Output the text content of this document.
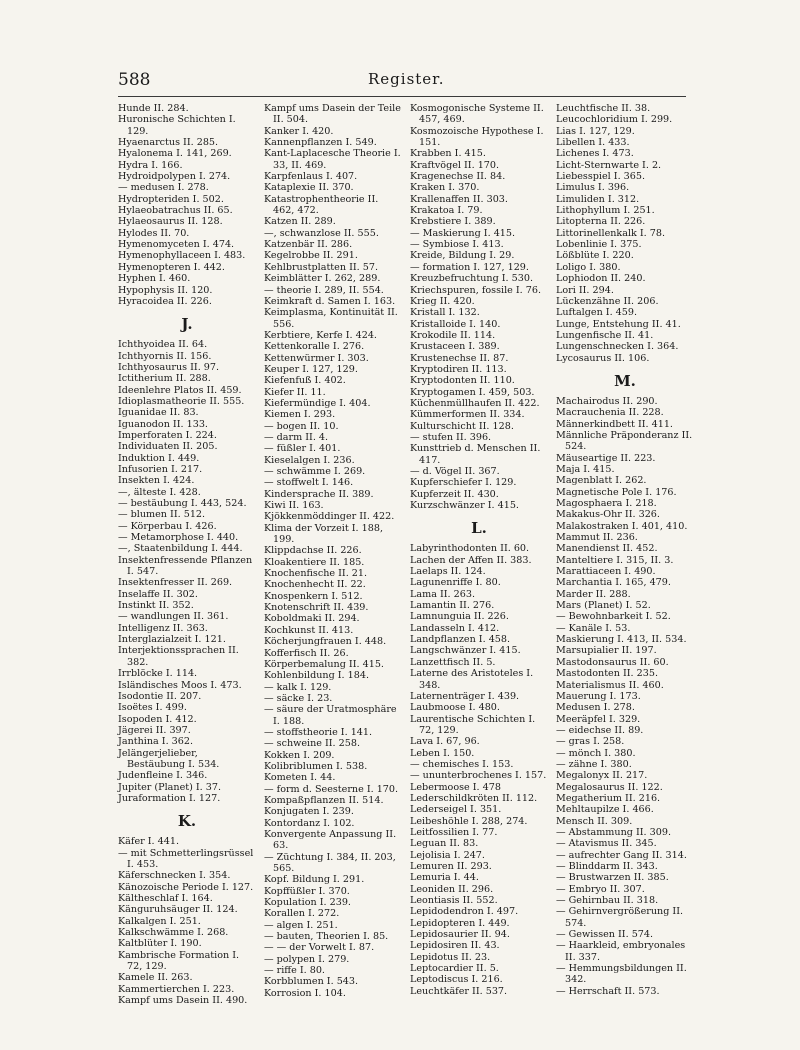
588	Register.
Hunde II. 284.
Huronische Schichten I. 129.
Hyaenarctus II. 285.
Hyalonema I. 141, 269.
Hydra I. 166.
Hydroidpolypen I. 274.
— medusen I. 278.
Hydropteriden I. 502.
Hylaeobatrachus II. 65.
Hylaeosaurus II. 128.
Hylodes II. 70.
Hymenomyceten I. 474.
Hymenophyllaceen I. 483.
Hymenopteren I. 442.
Hyphen I. 460.
Hypophysis II. 120.
Hyracoidea II. 226.
J.
Ichthyoidea II. 64.
Ichthyornis II. 156.
Ichthyosaurus II. 97.
Ictitherium II. 288.
Ideenlehre Platos II. 459.
Idioplasmatheorie II. 555.
Iguanidae II. 83.
Iguanodon II. 133.
Imperforaten I. 224.
Individuaten II. 205.
Induktion I. 449.
Infusorien I. 217.
Insekten I. 424.
—, älteste I. 428.
— bestäubung I. 443, 524.
— blumen II. 512.
— Körperbau I. 426.
— Metamorphose I. 440.
—, Staatenbildung I. 444.
Insektenfressende Pflanzen I. 547.
Insektenfresser II. 269.
Inselaffe II. 302.
Instinkt II. 352.
— wandlungen II. 361.
Intelligenz II. 363.
Interglazialzeit I. 121.
Interjektionssprachen II. 382.
Irrblöcke I. 114.
Isländisches Moos I. 473.
Isodontie II. 207.
Isoëtes I. 499.
Isopoden I. 412.
Jägerei II. 397.
Janthina I. 362.
Jelängerjelieber, Bestäubung I. 534.
Judenfleine I. 346.
Jupiter (Planet) I. 37.
Juraformation I. 127.
K.
Käfer I. 441.
— mit Schmetterlingsrüssel I. 453.
Käferschnecken I. 354.
Känozoische Periode I. 127.
Kältheschlaf I. 164.
Känguruhsäuger II. 124.
Kalkalgen I. 251.
Kalkschwämme I. 268.
Kaltblüter I. 190.
Kambrische Formation I. 72, 129.
Kamele II. 263.
Kammertierchen I. 223.
Kampf ums Dasein II. 490.
Kampf ums Dasein der Teile II. 504.
Kanker I. 420.
Kannenpflanzen I. 549.
Kant-Laplacesche Theorie I. 33, II. 469.
Karpfenlaus I. 407.
Kataplexie II. 370.
Katastrophentheorie II. 462, 472.
Katzen II. 289.
—, schwanzlose II. 555.
Katzenbär II. 286.
Kegelrobbe II. 291.
Kehlbrustplatten II. 57.
Keimblätter I. 262, 289.
— theorie I. 289, II. 554.
Keimkraft d. Samen I. 163.
Keimplasma, Kontinuität II. 556.
Kerbtiere, Kerfe I. 424.
Kettenkoralle I. 276.
Kettenwürmer I. 303.
Keuper I. 127, 129.
Kiefenfuß I. 402.
Kiefer II. 11.
Kiefermündige I. 404.
Kiemen I. 293.
— bogen II. 10.
— darm II. 4.
— füßler I. 401.
Kieselalgen I. 236.
— schwämme I. 269.
— stoffwelt I. 146.
Kindersprache II. 389.
Kiwi II. 163.
Kjökkenmöddinger II. 422.
Klima der Vorzeit I. 188, 199.
Klippdachse II. 226.
Kloakentiere II. 185.
Knochenfische II. 21.
Knochenhecht II. 22.
Knospenkern I. 512.
Knotenschrift II. 439.
Koboldmaki II. 294.
Kochkunst II. 413.
Köcherjungfrauen I. 448.
Kofferfisch II. 26.
Körperbemalung II. 415.
Kohlenbildung I. 184.
— kalk I. 129.
— säcke I. 23.
— säure der Uratmosphäre I. 188.
— stoffstheorie I. 141.
— schweine II. 258.
Kokken I. 209.
Kolibriblumen I. 538.
Kometen I. 44.
— form d. Seesterne I. 170.
Kompaßpflanzen II. 514.
Konjugaten I. 239.
Kontordanz I. 102.
Konvergente Anpassung II. 63.
— Züchtung I. 384, II. 203, 565.
Kopf. Bildung I. 291.
Kopffüßler I. 370.
Kopulation I. 239.
Korallen I. 272.
— algen I. 251.
— bauten, Theorien I. 85.
— — der Vorwelt I. 87.
— polypen I. 279.
— riffe I. 80.
Korbblumen I. 543.
Korrosion I. 104.
Kosmogonische Systeme II. 457, 469.
Kosmozoische Hypothese I. 151.
Krabben I. 415.
Kraftvögel II. 170.
Kragenechse II. 84.
Kraken I. 370.
Krallenaffen II. 303.
Krakatoa I. 79.
Krebstiere I. 389.
— Maskierung I. 415.
— Symbiose I. 413.
Kreide, Bildung I. 29.
— formation I. 127, 129.
Kreuzbefruchtung I. 530.
Kriechspuren, fossile I. 76.
Krieg II. 420.
Kristall I. 132.
Kristalloide I. 140.
Krokodile II. 114.
Krustaceen I. 389.
Krustenechse II. 87.
Kryptodiren II. 113.
Kryptodonten II. 110.
Kryptogamen I. 459, 503.
Küchenmüllhaufen II. 422.
Kümmerformen II. 334.
Kulturschicht II. 128.
— stufen II. 396.
Kunsttrieb d. Menschen II. 417.
— d. Vögel II. 367.
Kupferschiefer I. 129.
Kupferzeit II. 430.
Kurzschwänzer I. 415.
L.
Labyrinthodonten II. 60.
Lachen der Affen II. 383.
Laelaps II. 124.
Lagunenriffe I. 80.
Lama II. 263.
Lamantin II. 276.
Lamnunguia II. 226.
Landasseln I. 412.
Landpflanzen I. 458.
Langschwänzer I. 415.
Lanzettfisch II. 5.
Laterne des Aristoteles I. 348.
Laternenträger I. 439.
Laubmoose I. 480.
Laurentische Schichten I. 72, 129.
Lava I. 67, 96.
Leben I. 150.
— chemisches I. 153.
— ununterbrochenes I. 157.
Lebermoose I. 478
Lederschildkröten II. 112.
Lederseigel I. 351.
Leibeshöhle I. 288, 274.
Leitfossilien I. 77.
Leguan II. 83.
Lejolisia I. 247.
Lemuren II. 293.
Lemuria I. 44.
Leoniden II. 296.
Leontiasis II. 552.
Lepidodendron I. 497.
Lepidopteren I. 449.
Lepidosaurier II. 94.
Lepidosiren II. 43.
Lepidotus II. 23.
Leptocardier II. 5.
Leptodiscus I. 216.
Leuchtkäfer II. 537.
Leuchtfische II. 38.
Leucochloridium I. 299.
Lias I. 127, 129.
Libellen I. 433.
Lichenes I. 473.
Licht-Sternwarte I. 2.
Liebesspiel I. 365.
Limulus I. 396.
Limuliden I. 312.
Lithophyllum I. 251.
Litopterna II. 226.
Littorinellenkalk I. 78.
Lobenlinie I. 375.
Lößblüte I. 220.
Loligo I. 380.
Lophiodon II. 240.
Lori II. 294.
Lückenzähne II. 206.
Luftalgen I. 459.
Lunge, Entstehung II. 41.
Lungenfische II. 41.
Lungenschnecken I. 364.
Lycosaurus II. 106.
M.
Machairodus II. 290.
Macrauchenia II. 228.
Männerkindbett II. 411.
Männliche Präponderanz II. 524.
Mäuseartige II. 223.
Maja I. 415.
Magenblatt I. 262.
Magnetische Pole I. 176.
Magosphaera I. 218.
Makakus-Ohr II. 326.
Malakostraken I. 401, 410.
Mammut II. 236.
Manendienst II. 452.
Manteltiere I. 315, II. 3.
Marattiaceen I. 490.
Marchantia I. 165, 479.
Marder II. 288.
Mars (Planet) I. 52.
— Bewohnbarkeit I. 52.
— Kanäle I. 53.
Maskierung I. 413, II. 534.
Marsupialier II. 197.
Mastodonsaurus II. 60.
Mastodonten II. 235.
Materialismus II. 460.
Mauerung I. 173.
Medusen I. 278.
Meeräpfel I. 329.
— eidechse II. 89.
— gras I. 258.
— mönch I. 380.
— zähne I. 380.
Megalonyx II. 217.
Megalosaurus II. 122.
Megatherium II. 216.
Mehltaupilze I. 466.
Mensch II. 309.
— Abstammung II. 309.
— Atavismus II. 345.
— aufrechter Gang II. 314.
— Blinddarm II. 343.
— Brustwarzen II. 385.
— Embryo II. 307.
— Gehirnbau II. 318.
— Gehirnvergrößerung II. 574.
— Gewissen II. 574.
— Haarkleid, embryonales II. 337.
— Hemmungsbildungen II. 342.
— Herrschaft II. 573.
